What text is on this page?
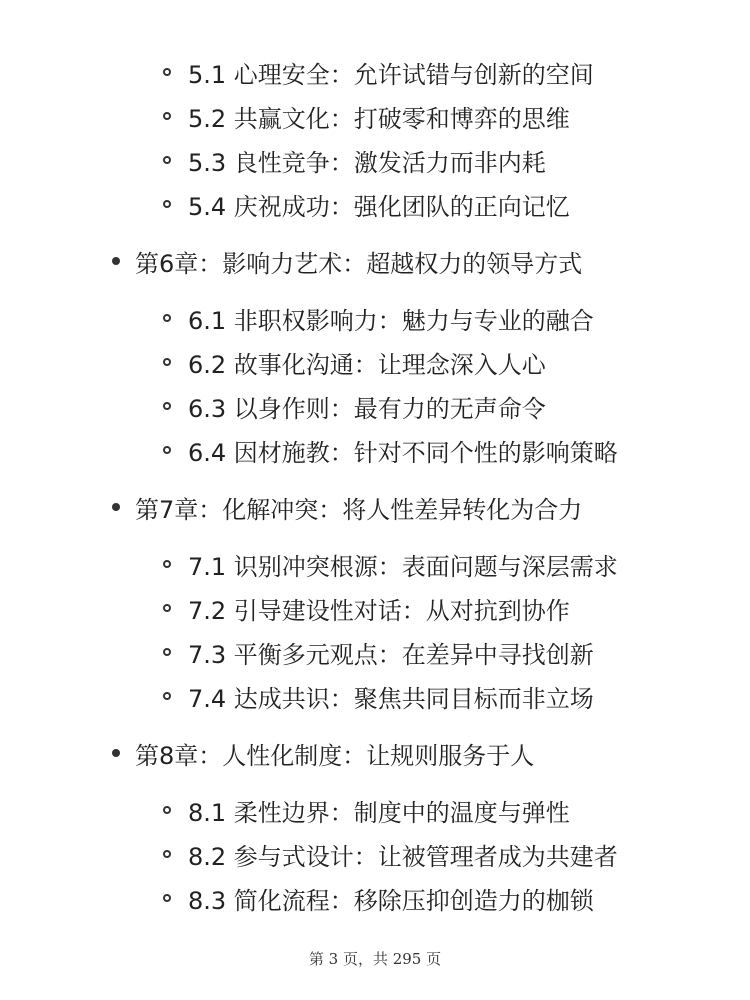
5.1 心理安全：允许试错与创新的空间
5.2 共赢文化：打破零和博弈的思维
5.3 良性竞争：激发活力而非内耗
5.4 庆祝成功：强化团队的正向记忆
第6章：影响力艺术：超越权力的领导方式
6.1 非职权影响力：魅力与专业的融合
6.2 故事化沟通：让理念深入人心
6.3 以身作则：最有力的无声命令
6.4 因材施教：针对不同个性的影响策略
第7章：化解冲突：将人性差异转化为合力
7.1 识别冲突根源：表面问题与深层需求
7.2 引导建设性对话：从对抗到协作
7.3 平衡多元观点：在差异中寻找创新
7.4 达成共识：聚焦共同目标而非立场
第8章：人性化制度：让规则服务于人
8.1 柔性边界：制度中的温度与弹性
8.2 参与式设计：让被管理者成为共建者
8.3 简化流程：移除压抑创造力的枷锁
第 3 页，共 295 页
